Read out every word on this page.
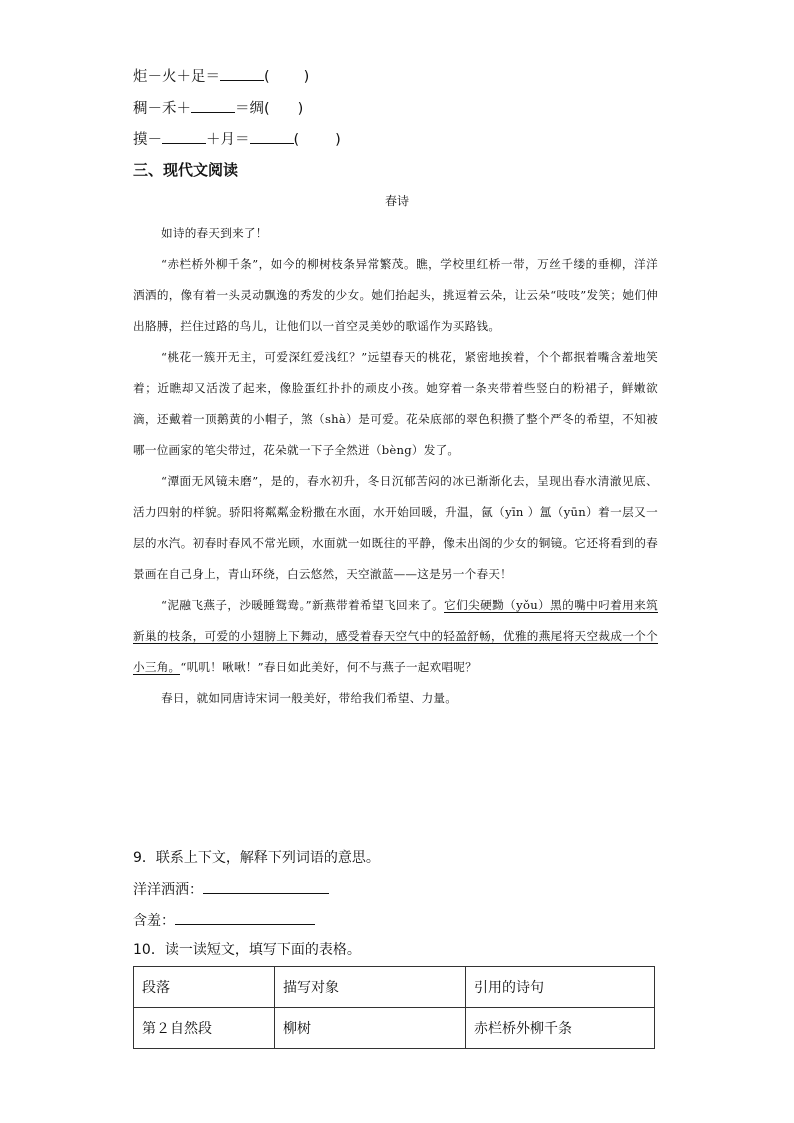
炬－火＋足＝	( )
稠－禾＋	＝绸( )
摸－	＋月＝	( )
三、现代文阅读
春诗

如诗的春天到来了！

“赤栏桥外柳千条”，如今的柳树枝条异常繁茂。瞧，学校里红桥一带，万丝千缕的垂柳，洋洋洒洒的，像有着一头灵动飘逸的秀发的少女。她们抬起头，挑逗着云朵，让云朵“吱吱”发笑；她们伸出胳膊，拦住过路的鸟儿，让他们以一首空灵美妙的歌谣作为买路钱。

“桃花一簇开无主，可爱深红爱浅红？”远望春天的桃花，紧密地挨着，个个都抿着嘴含羞地笑着；近瞧却又活泼了起来，像脸蛋红扑扑的顽皮小孩。她穿着一条夹带着些竖白的粉裙子，鲜嫩欲滴，还戴着一顶鹅黄的小帽子，煞（shà）是可爱。花朵底部的翠色积攒了整个严冬的希望，不知被哪一位画家的笔尖带过，花朵就一下子全然迸（bèng）发了。

“潭面无风镜未磨”，是的，春水初升，冬日沉郁苦闷的冰已渐渐化去，呈现出春水清澈见底、活力四射的样貌。骄阳将粼粼金粉撒在水面，水开始回暖，升温，氤（yīn ）氲（yūn）着一层又一层的水汽。初春时春风不常光顾，水面就一如既往的平静，像未出阁的少女的铜镜。它还将看到的春景画在自己身上，青山环绕，白云悠然，天空澈蓝——这是另一个春天！

“泥融飞燕子，沙暖睡鸳鸯。”新燕带着希望飞回来了。它们尖硬黝（yǒu）黑的嘴中叼着用来筑新巢的枝条，可爱的小翅膀上下舞动，感受着春天空气中的轻盈舒畅，优雅的燕尾将天空裁成一个个小三角。“叽叽！啾啾！”春日如此美好，何不与燕子一起欢唱呢？

春日，就如同唐诗宋词一般美好，带给我们希望、力量。

9．联系上下文，解释下列词语的意思。
洋洋洒洒：
含羞：
10．读一读短文，填写下面的表格。
段落	描写对象	引用的诗句
第２自然段	柳树	赤栏桥外柳千条
